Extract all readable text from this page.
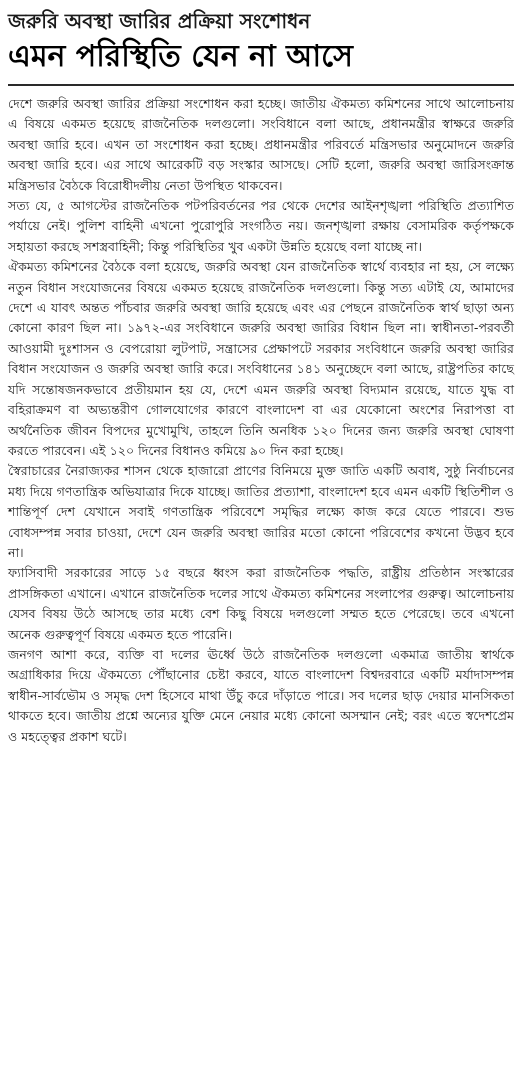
জরুরি অবস্থা জারির প্রক্রিয়া সংশোধন
এমন পরিস্থিতি যেন না আসে

দেশে জরুরি অবস্থা জারির প্রক্রিয়া সংশোধন করা হচ্ছে। জাতীয় ঐকমত্য কমিশনের সাথে আলোচনায় এ বিষয়ে একমত হয়েছে রাজনৈতিক দলগুলো। সংবিধানে বলা আছে, প্রধানমন্ত্রীর স্বাক্ষরে জরুরি অবস্থা জারি হবে। এখন তা সংশোধন করা হচ্ছে। প্রধানমন্ত্রীর পরিবর্তে মন্ত্রিসভার অনুমোদনে জরুরি অবস্থা জারি হবে। এর সাথে আরেকটি বড় সংস্কার আসছে। সেটি হলো, জরুরি অবস্থা জারিসংক্রান্ত মন্ত্রিসভার বৈঠকে বিরোধীদলীয় নেতা উপস্থিত থাকবেন।

সত্য যে, ৫ আগস্টের রাজনৈতিক পটপরিবর্তনের পর থেকে দেশের আইনশৃঙ্খলা পরিস্থিতি প্রত্যাশিত পর্যায়ে নেই। পুলিশ বাহিনী এখনো পুরোপুরি সংগঠিত নয়। জনশৃঙ্খলা রক্ষায় বেসামরিক কর্তৃপক্ষকে সহায়তা করছে সশস্ত্রবাহিনী; কিন্তু পরিস্থিতির খুব একটা উন্নতি হয়েছে বলা যাচ্ছে না।

ঐকমত্য কমিশনের বৈঠকে বলা হয়েছে, জরুরি অবস্থা যেন রাজনৈতিক স্বার্থে ব্যবহার না হয়, সে লক্ষ্যে নতুন বিধান সংযোজনের বিষয়ে একমত হয়েছে রাজনৈতিক দলগুলো। কিন্তু সত্য এটাই যে, আমাদের দেশে এ যাবৎ অন্তত পাঁচবার জরুরি অবস্থা জারি হয়েছে এবং এর পেছনে রাজনৈতিক স্বার্থ ছাড়া অন্য কোনো কারণ ছিল না। ১৯৭২-এর সংবিধানে জরুরি অবস্থা জারির বিধান ছিল না। স্বাধীনতা-পরবর্তী আওয়ামী দুঃশাসন ও বেপরোয়া লুটপাট, সন্ত্রাসের প্রেক্ষাপটে সরকার সংবিধানে জরুরি অবস্থা জারির বিধান সংযোজন ও জরুরি অবস্থা জারি করে। সংবিধানের ১৪১ অনুচ্ছেদে বলা আছে, রাষ্ট্রপতির কাছে যদি সন্তোষজনকভাবে প্রতীয়মান হয় যে, দেশে এমন জরুরি অবস্থা বিদ্যমান রয়েছে, যাতে যুদ্ধ বা বহিরাক্রমণ বা অভ্যন্তরীণ গোলযোগের কারণে বাংলাদেশ বা এর যেকোনো অংশের নিরাপত্তা বা অর্থনৈতিক জীবন বিপদের মুখোমুখি, তাহলে তিনি অনধিক ১২০ দিনের জন্য জরুরি অবস্থা ঘোষণা করতে পারবেন। এই ১২০ দিনের বিধানও কমিয়ে ৯০ দিন করা হচ্ছে।

স্বৈরাচারের নৈরাজ্যকর শাসন থেকে হাজারো প্রাণের বিনিময়ে মুক্ত জাতি একটি অবাধ, সুষ্ঠু নির্বাচনের মধ্য দিয়ে গণতান্ত্রিক অভিযাত্রার দিকে যাচ্ছে। জাতির প্রত্যাশা, বাংলাদেশ হবে এমন একটি স্থিতিশীল ও শান্তিপূর্ণ দেশ যেখানে সবাই গণতান্ত্রিক পরিবেশে সমৃদ্ধির লক্ষ্যে কাজ করে যেতে পারবে। শুভ বোধসম্পন্ন সবার চাওয়া, দেশে যেন জরুরি অবস্থা জারির মতো কোনো পরিবেশের কখনো উদ্ভব হবে না।

ফ্যাসিবাদী সরকারের সাড়ে ১৫ বছরে ধ্বংস করা রাজনৈতিক পদ্ধতি, রাষ্ট্রীয় প্রতিষ্ঠান সংস্কারের প্রাসঙ্গিকতা এখানে। এখানে রাজনৈতিক দলের সাথে ঐকমত্য কমিশনের সংলাপের গুরুত্ব। আলোচনায় যেসব বিষয় উঠে আসছে তার মধ্যে বেশ কিছু বিষয়ে দলগুলো সম্মত হতে পেরেছে। তবে এখনো অনেক গুরুত্বপূর্ণ বিষয়ে একমত হতে পারেনি।

জনগণ আশা করে, ব্যক্তি বা দলের ঊর্ধ্বে উঠে রাজনৈতিক দলগুলো একমাত্র জাতীয় স্বার্থকে অগ্রাধিকার দিয়ে ঐকমত্যে পৌঁছানোর চেষ্টা করবে, যাতে বাংলাদেশ বিশ্বদরবারে একটি মর্যাদাসম্পন্ন স্বাধীন-সার্বভৌম ও সমৃদ্ধ দেশ হিসেবে মাথা উঁচু করে দাঁড়াতে পারে। সব দলের ছাড় দেয়ার মানসিকতা থাকতে হবে। জাতীয় প্রশ্নে অন্যের যুক্তি মেনে নেয়ার মধ্যে কোনো অসম্মান নেই; বরং এতে স্বদেশপ্রেম ও মহত্ত্বের প্রকাশ ঘটে।
